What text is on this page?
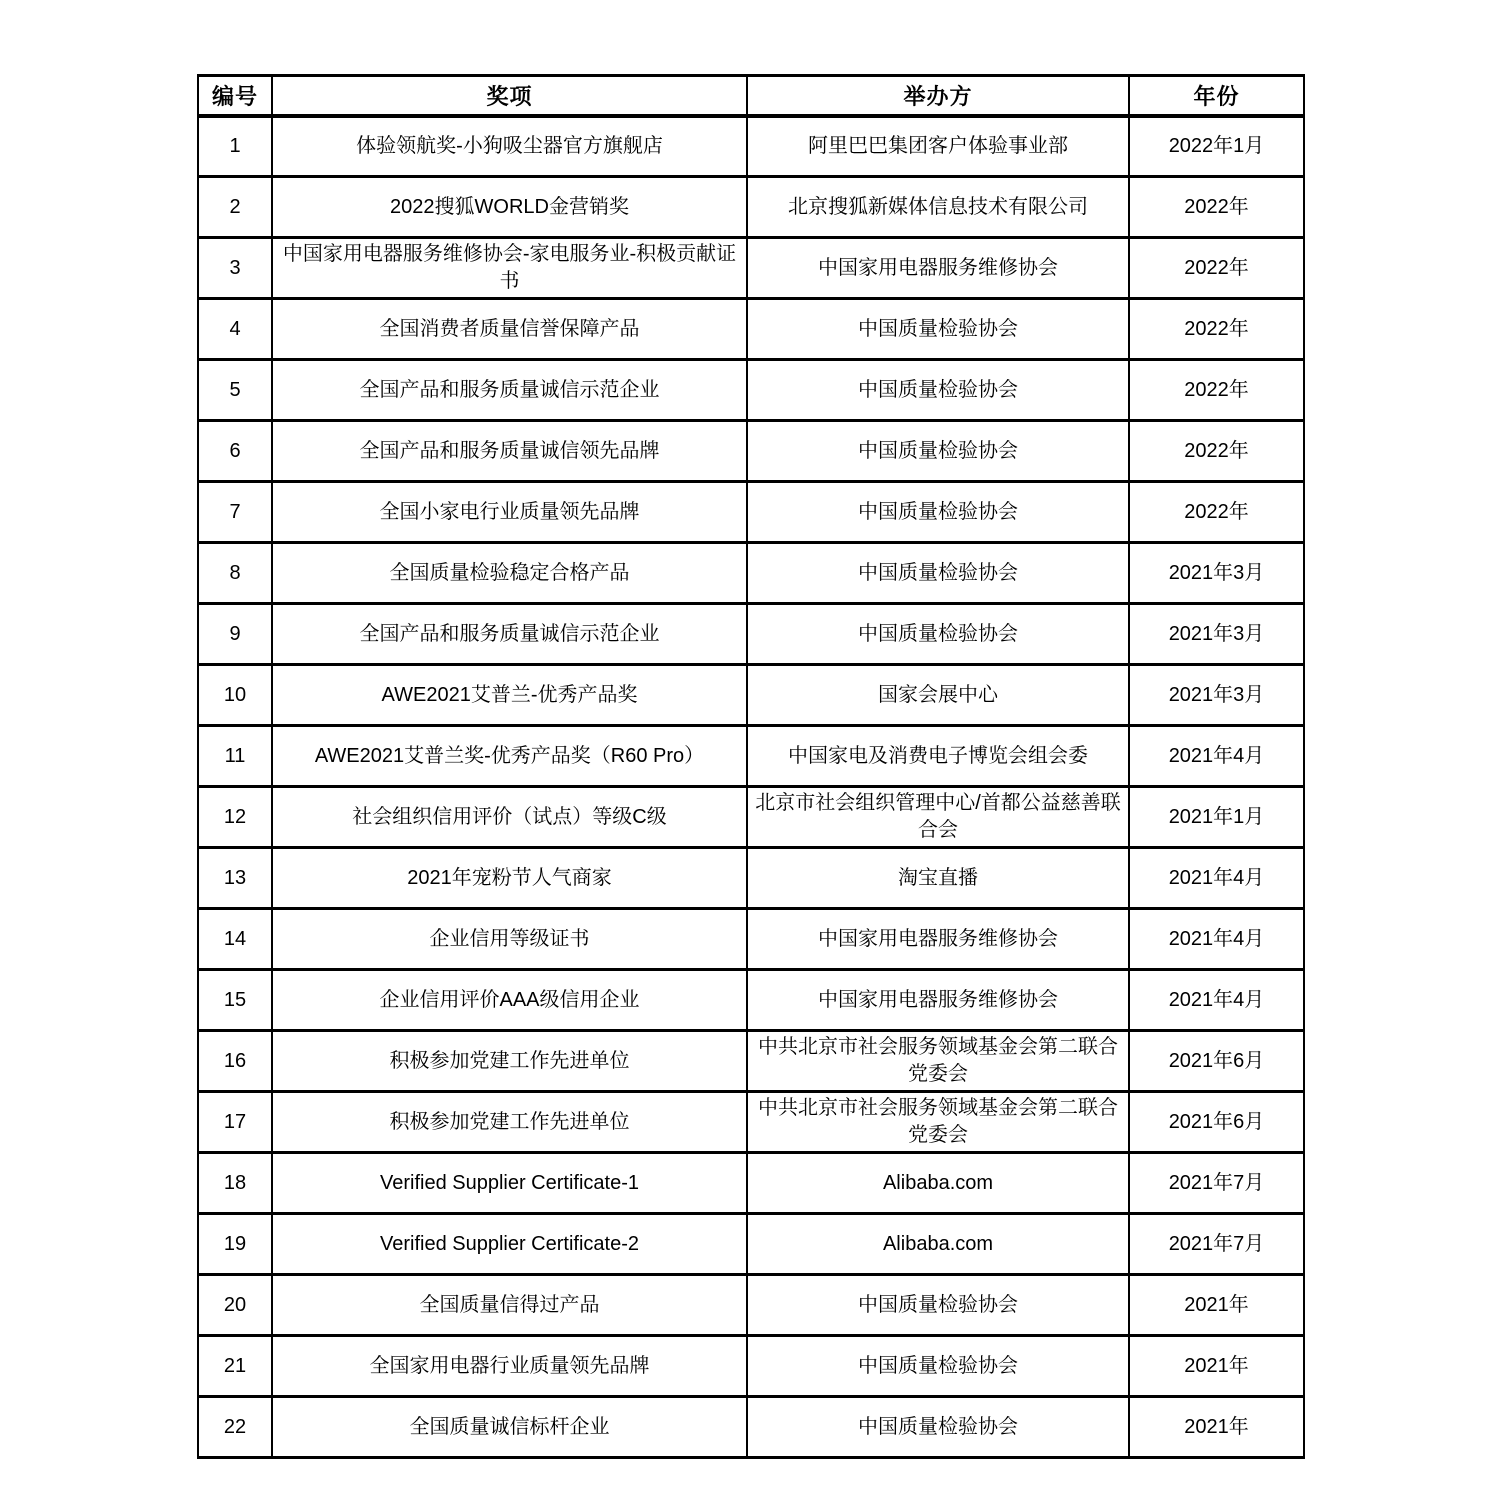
编号	奖项	举办方	年份
1	体验领航奖-小狗吸尘器官方旗舰店	阿里巴巴集团客户体验事业部	2022年1月
2	2022搜狐WORLD金营销奖	北京搜狐新媒体信息技术有限公司	2022年
3	中国家用电器服务维修协会-家电服务业-积极贡献证书	中国家用电器服务维修协会	2022年
4	全国消费者质量信誉保障产品	中国质量检验协会	2022年
5	全国产品和服务质量诚信示范企业	中国质量检验协会	2022年
6	全国产品和服务质量诚信领先品牌	中国质量检验协会	2022年
7	全国小家电行业质量领先品牌	中国质量检验协会	2022年
8	全国质量检验稳定合格产品	中国质量检验协会	2021年3月
9	全国产品和服务质量诚信示范企业	中国质量检验协会	2021年3月
10	AWE2021艾普兰-优秀产品奖	国家会展中心	2021年3月
11	AWE2021艾普兰奖-优秀产品奖（R60 Pro）	中国家电及消费电子博览会组会委	2021年4月
12	社会组织信用评价（试点）等级C级	北京市社会组织管理中心/首都公益慈善联合会	2021年1月
13	2021年宠粉节人气商家	淘宝直播	2021年4月
14	企业信用等级证书	中国家用电器服务维修协会	2021年4月
15	企业信用评价AAA级信用企业	中国家用电器服务维修协会	2021年4月
16	积极参加党建工作先进单位	中共北京市社会服务领域基金会第二联合党委会	2021年6月
17	积极参加党建工作先进单位	中共北京市社会服务领域基金会第二联合党委会	2021年6月
18	Verified Supplier Certificate-1	Alibaba.com	2021年7月
19	Verified Supplier Certificate-2	Alibaba.com	2021年7月
20	全国质量信得过产品	中国质量检验协会	2021年
21	全国家用电器行业质量领先品牌	中国质量检验协会	2021年
22	全国质量诚信标杆企业	中国质量检验协会	2021年
